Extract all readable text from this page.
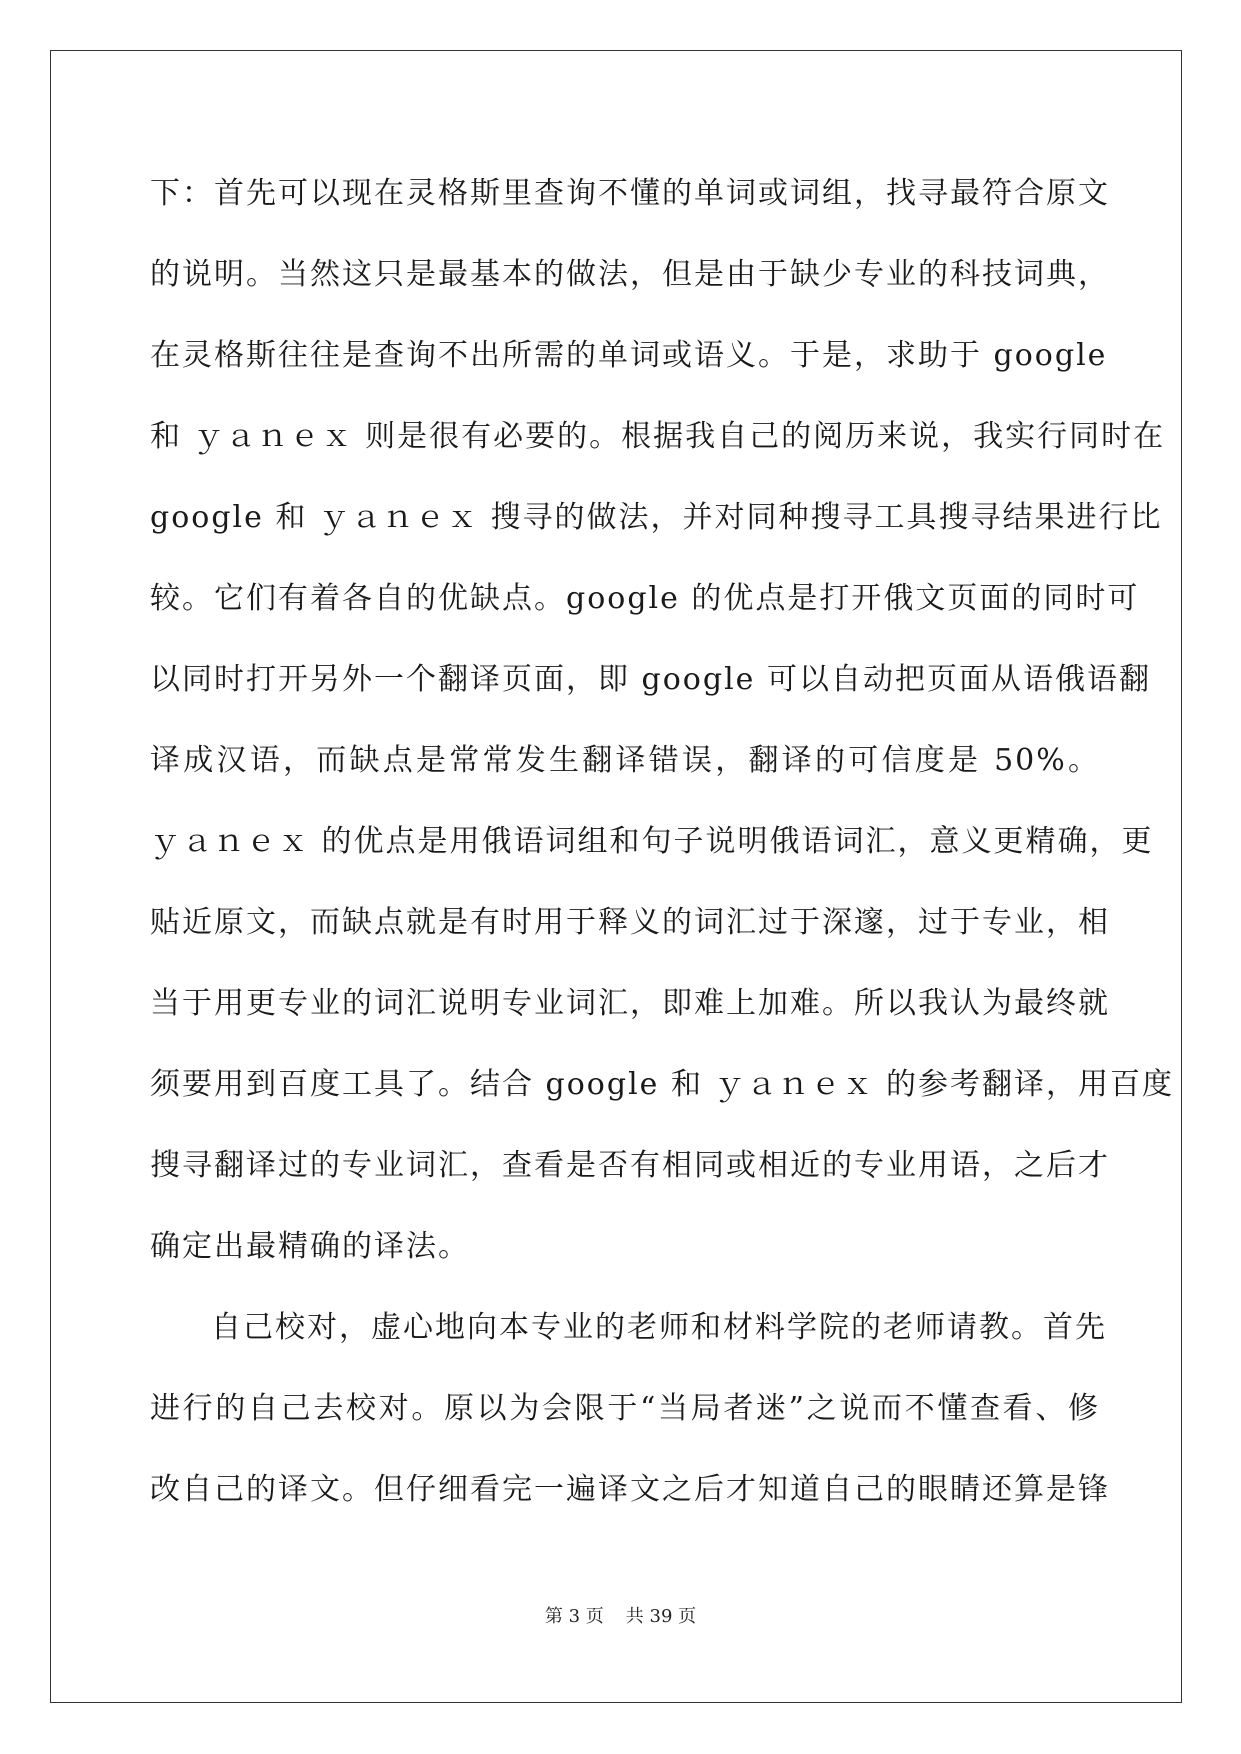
下：首先可以现在灵格斯里查询不懂的单词或词组，找寻最符合原文
的说明。当然这只是最基本的做法，但是由于缺少专业的科技词典，
在灵格斯往往是查询不出所需的单词或语义。于是，求助于 google
和 ｙａｎｅｘ 则是很有必要的。根据我自己的阅历来说，我实行同时在
google 和 ｙａｎｅｘ 搜寻的做法，并对同种搜寻工具搜寻结果进行比
较。它们有着各自的优缺点。google 的优点是打开俄文页面的同时可
以同时打开另外一个翻译页面，即 google 可以自动把页面从语俄语翻
译成汉语，而缺点是常常发生翻译错误，翻译的可信度是 50%。
ｙａｎｅｘ 的优点是用俄语词组和句子说明俄语词汇，意义更精确，更
贴近原文，而缺点就是有时用于释义的词汇过于深邃，过于专业，相
当于用更专业的词汇说明专业词汇，即难上加难。所以我认为最终就
须要用到百度工具了。结合 google 和 ｙａｎｅｘ 的参考翻译，用百度
搜寻翻译过的专业词汇，查看是否有相同或相近的专业用语，之后才
确定出最精确的译法。
自己校对，虚心地向本专业的老师和材料学院的老师请教。首先
进行的自己去校对。原以为会限于“当局者迷”之说而不懂查看、修
改自己的译文。但仔细看完一遍译文之后才知道自己的眼睛还算是锋
第 3 页 共 39 页
